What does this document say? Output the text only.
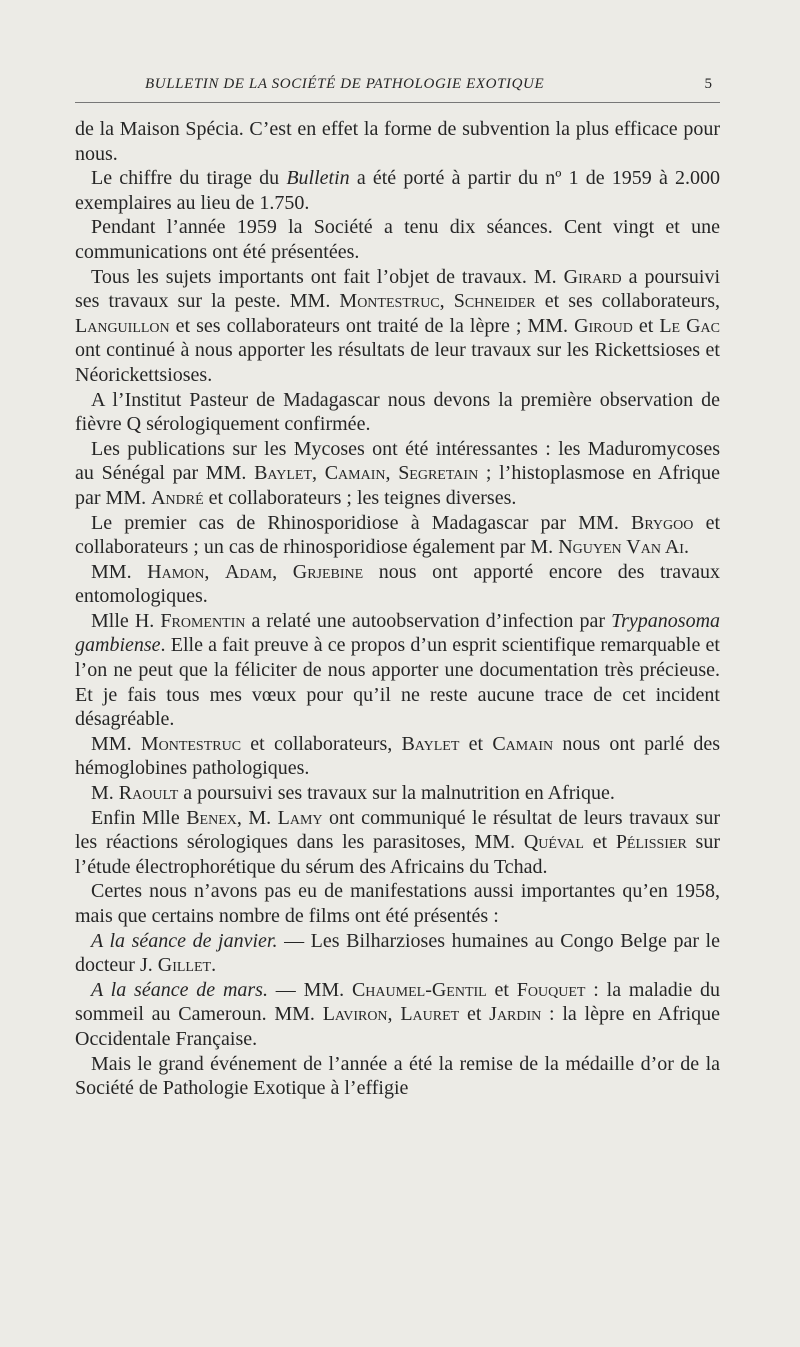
BULLETIN DE LA SOCIÉTÉ DE PATHOLOGIE EXOTIQUE	5

de la Maison Spécia. C’est en effet la forme de subvention la plus efficace pour nous.

Le chiffre du tirage du Bulletin a été porté à partir du nº 1 de 1959 à 2.000 exemplaires au lieu de 1.750.

Pendant l’année 1959 la Société a tenu dix séances. Cent vingt et une communications ont été présentées.

Tous les sujets importants ont fait l’objet de travaux. M. Girard a poursuivi ses travaux sur la peste. MM. Montestruc, Schneider et ses collaborateurs, Languillon et ses collaborateurs ont traité de la lèpre ; MM. Giroud et Le Gac ont continué à nous apporter les résultats de leur travaux sur les Rickettsioses et Néorickettsioses.

A l’Institut Pasteur de Madagascar nous devons la première observation de fièvre Q sérologiquement confirmée.

Les publications sur les Mycoses ont été intéressantes : les Maduromycoses au Sénégal par MM. Baylet, Camain, Segretain ; l’histoplasmose en Afrique par MM. André et collaborateurs ; les teignes diverses.

Le premier cas de Rhinosporidiose à Madagascar par MM. Brygoo et collaborateurs ; un cas de rhinosporidiose également par M. Nguyen Van Ai.

MM. Hamon, Adam, Grjebine nous ont apporté encore des travaux entomologiques.

Mlle H. Fromentin a relaté une autoobservation d’infection par Trypanosoma gambiense. Elle a fait preuve à ce propos d’un esprit scientifique remarquable et l’on ne peut que la féliciter de nous apporter une documentation très précieuse. Et je fais tous mes vœux pour qu’il ne reste aucune trace de cet incident désagréable.

MM. Montestruc et collaborateurs, Baylet et Camain nous ont parlé des hémoglobines pathologiques.

M. Raoult a poursuivi ses travaux sur la malnutrition en Afrique.

Enfin Mlle Benex, M. Lamy ont communiqué le résultat de leurs travaux sur les réactions sérologiques dans les parasitoses, MM. Quéval et Pélissier sur l’étude électrophorétique du sérum des Africains du Tchad.

Certes nous n’avons pas eu de manifestations aussi importantes qu’en 1958, mais que certains nombre de films ont été présentés :

A la séance de janvier. — Les Bilharzioses humaines au Congo Belge par le docteur J. Gillet.

A la séance de mars. — MM. Chaumel-Gentil et Fouquet : la maladie du sommeil au Cameroun. MM. Laviron, Lauret et Jardin : la lèpre en Afrique Occidentale Française.

Mais le grand événement de l’année a été la remise de la médaille d’or de la Société de Pathologie Exotique à l’effigie
